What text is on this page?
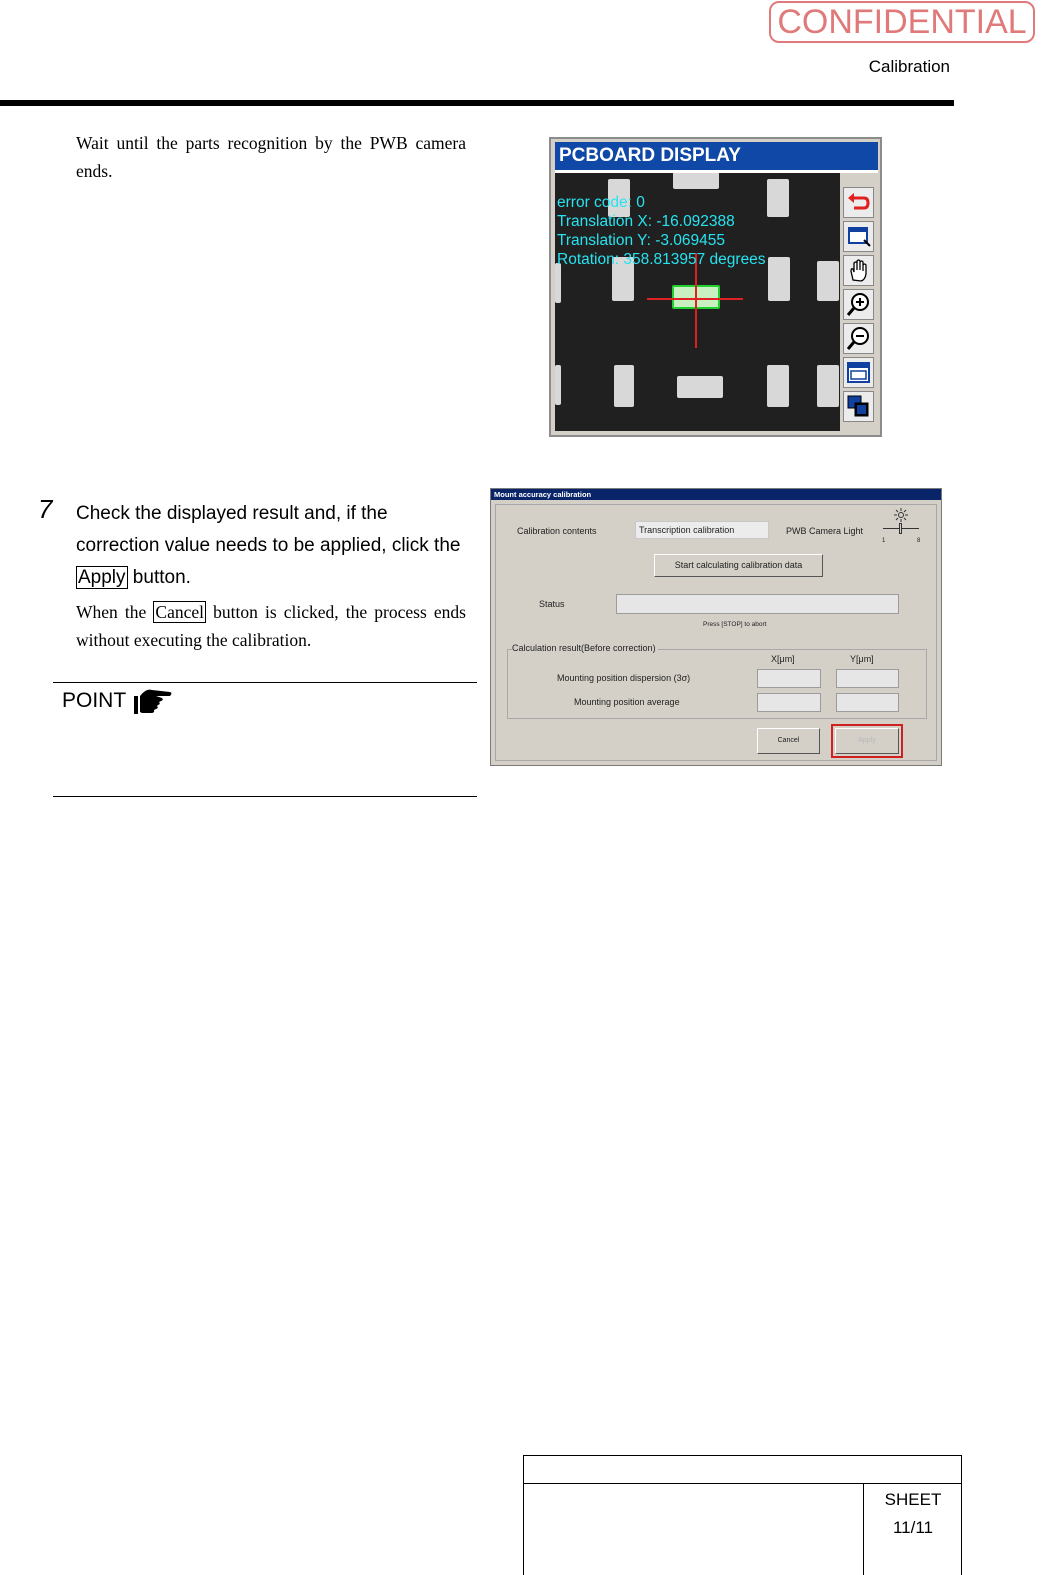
CONFIDENTIAL
Calibration
Wait until the parts recognition by the PWB camera ends.
PCBOARD DISPLAY
error code: 0
Translation X: -16.092388
Translation Y: -3.069455
Rotation: 358.813957 degrees
7 Check the displayed result and, if the correction value needs to be applied, click the Apply button.
When the Cancel button is clicked, the process ends without executing the calibration.
POINT
Mount accuracy calibration
Calibration contents	Transcription calibration	PWB Camera Light
1	8
Start calculating calibration data
Status
Press [STOP] to abort
Calculation result(Before correction)
X[μm]	Y[μm]
Mounting position dispersion (3σ)
Mounting position average
Cancel	Apply
SHEET
11/11
